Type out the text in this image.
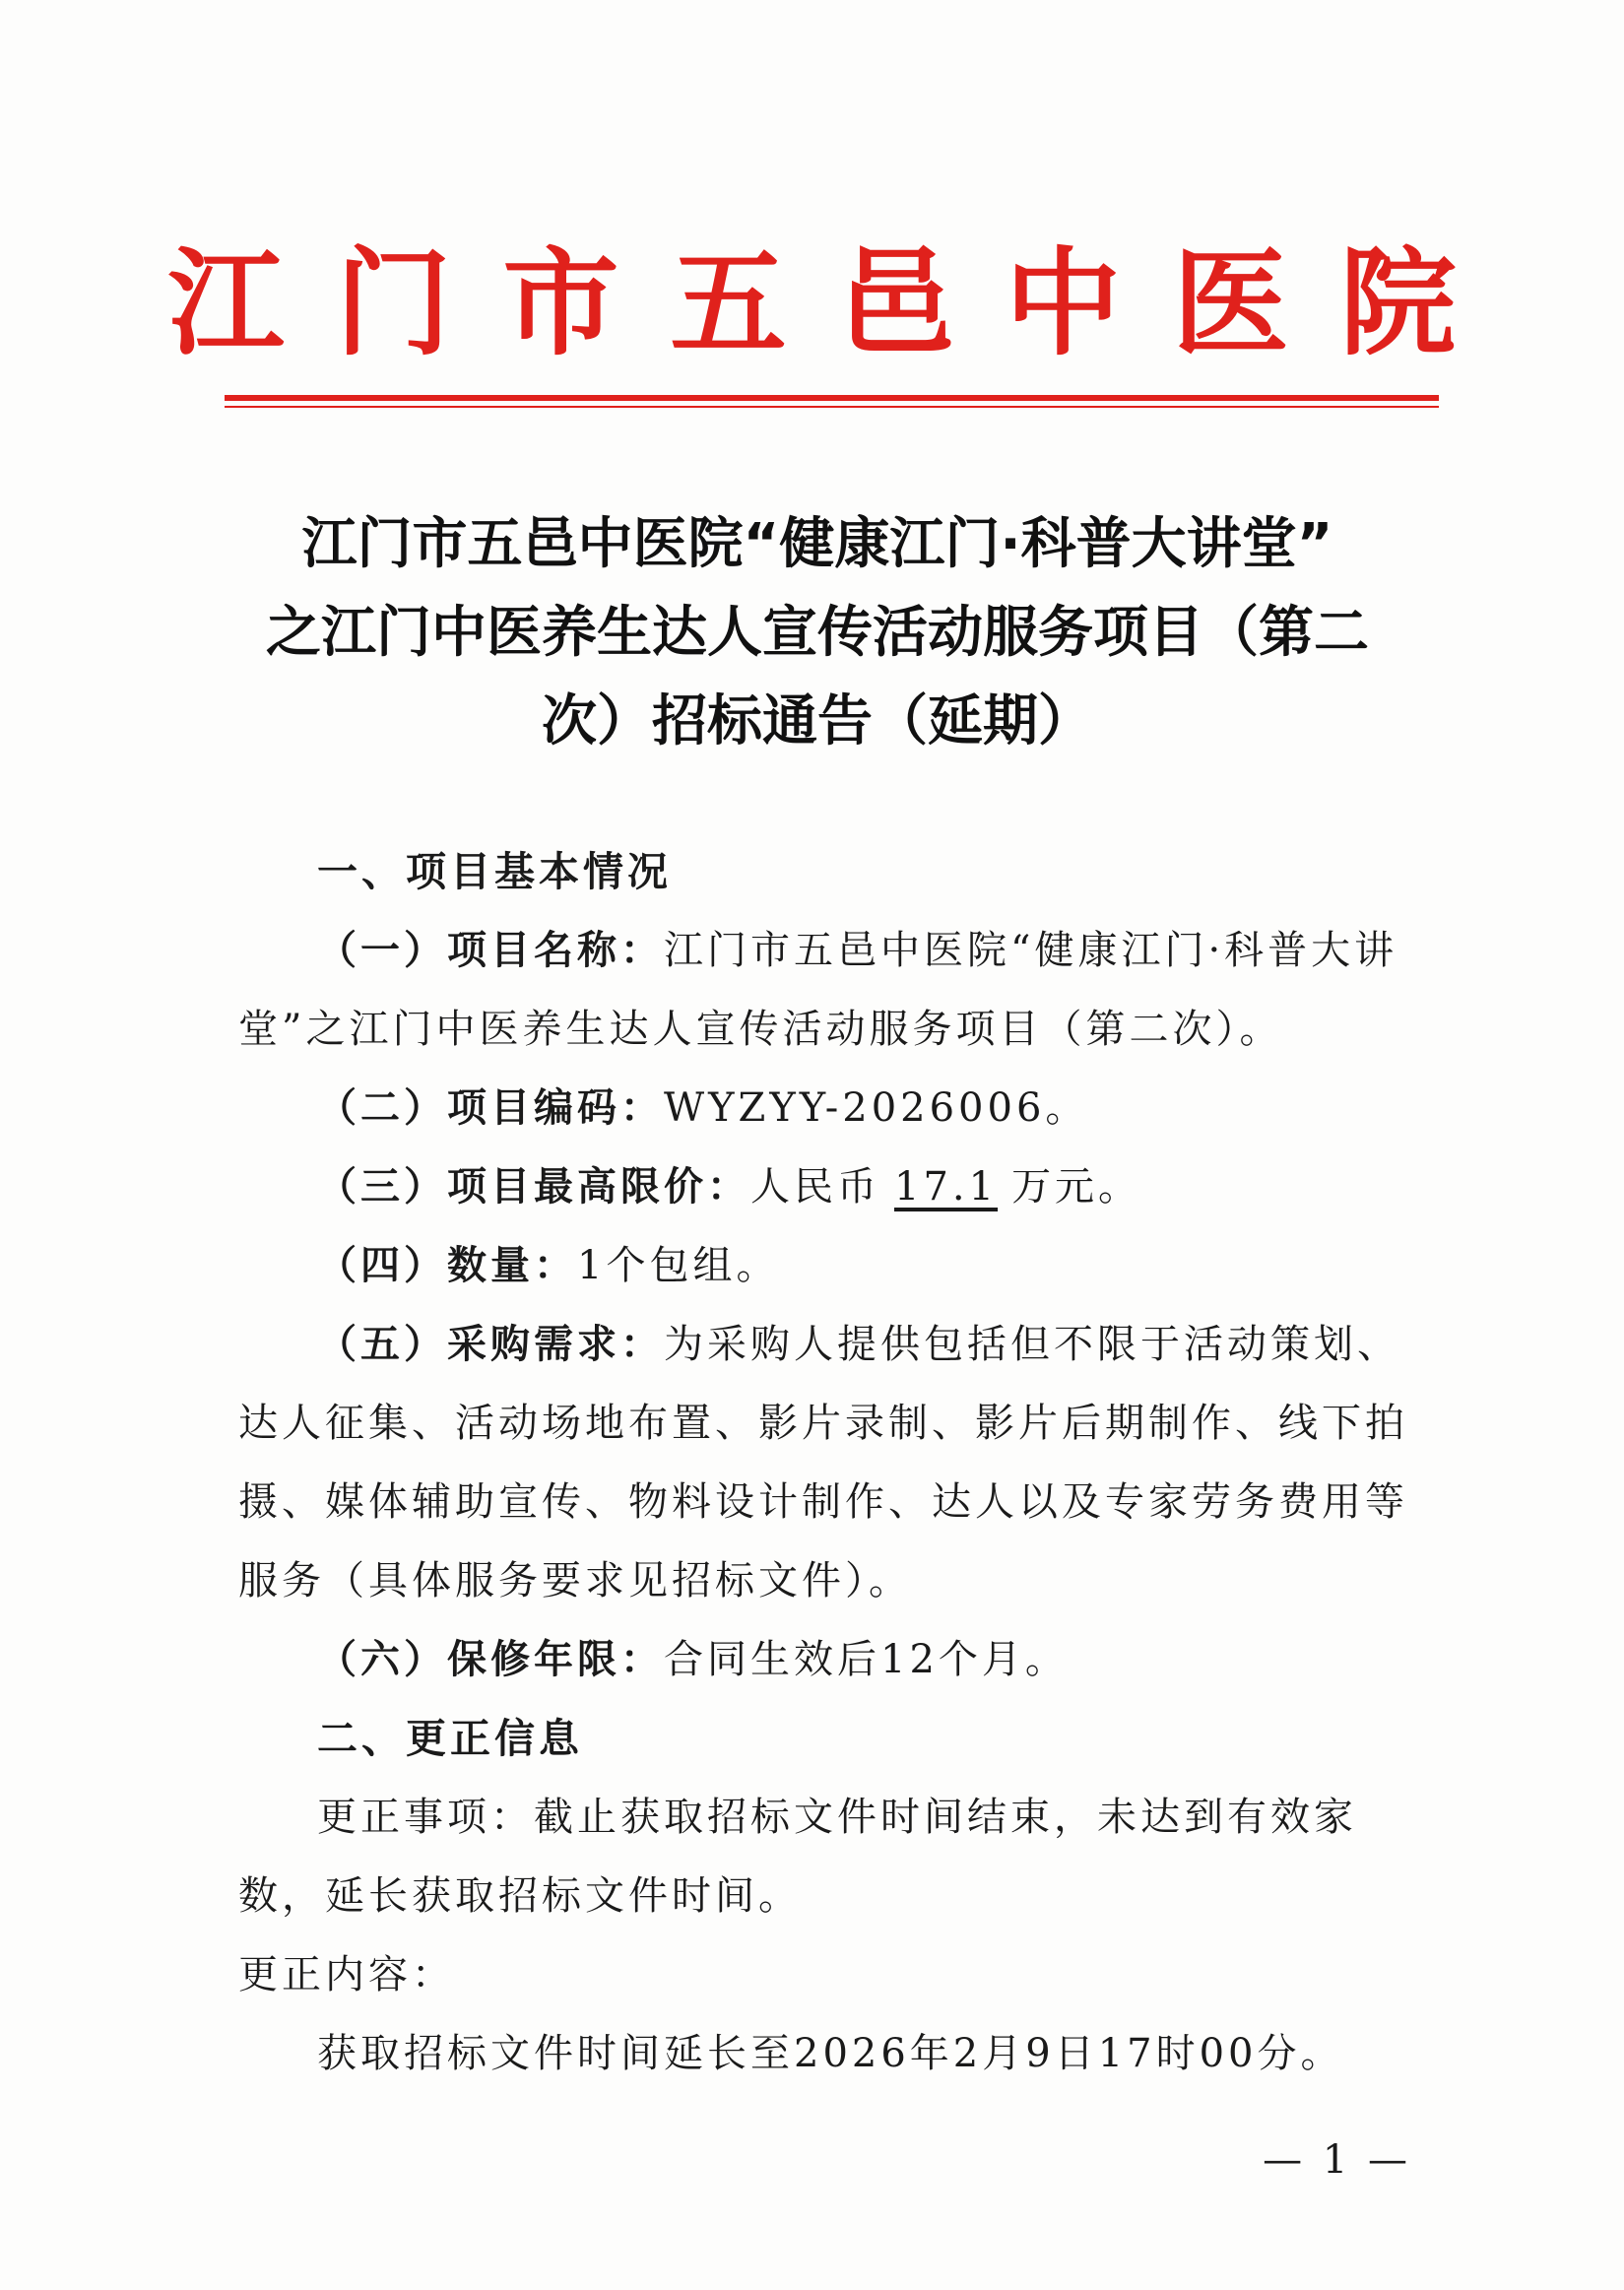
江门市五邑中医院
江门市五邑中医院“健康江门·科普大讲堂”
之江门中医养生达人宣传活动服务项目（第二
次）招标通告（延期）

一、项目基本情况

（一）项目名称：江门市五邑中医院“健康江门·科普大讲堂”之江门中医养生达人宣传活动服务项目（第二次）。

（二）项目编码：WYZYY-2026006。

（三）项目最高限价：人民币 17.1 万元。

（四）数量：1个包组。

（五）采购需求：为采购人提供包括但不限于活动策划、达人征集、活动场地布置、影片录制、影片后期制作、线下拍摄、媒体辅助宣传、物料设计制作、达人以及专家劳务费用等服务（具体服务要求见招标文件）。

（六）保修年限：合同生效后12个月。

二、更正信息

更正事项：截止获取招标文件时间结束，未达到有效家数，延长获取招标文件时间。

更正内容：

获取招标文件时间延长至2026年2月9日17时00分。

— 1 —
